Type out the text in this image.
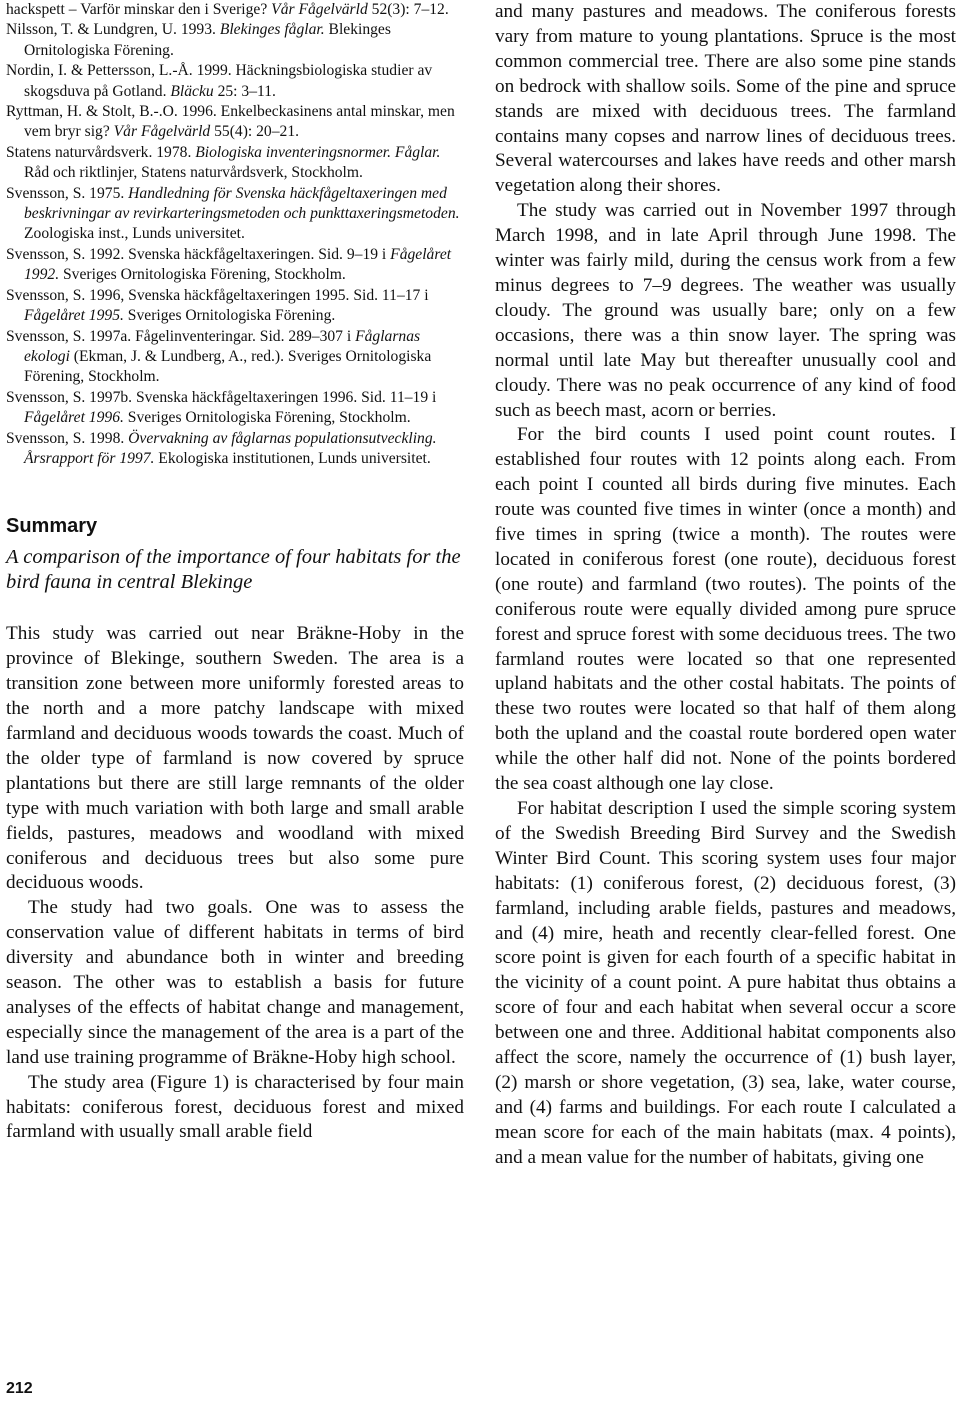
hackspett – Varför minskar den i Sverige? Vår Fågelvärld 52(3): 7–12.

Nilsson, T. & Lundgren, U. 1993. Blekinges fåglar. Blekinges Ornitologiska Förening.

Nordin, I. & Pettersson, L.-Å. 1999. Häckningsbiologiska studier av skogsduva på Gotland. Bläcku 25: 3–11.

Ryttman, H. & Stolt, B.-.O. 1996. Enkelbeckasinens antal minskar, men vem bryr sig? Vår Fågelvärld 55(4): 20–21.

Statens naturvårdsverk. 1978. Biologiska inventeringsnormer. Fåglar. Råd och riktlinjer, Statens naturvårdsverk, Stockholm.

Svensson, S. 1975. Handledning för Svenska häckfågeltaxeringen med beskrivningar av revirkarteringsmetoden och punkttaxeringsmetoden. Zoologiska inst., Lunds universitet.

Svensson, S. 1992. Svenska häckfågeltaxeringen. Sid. 9–19 i Fågelåret 1992. Sveriges Ornitologiska Förening, Stockholm.

Svensson, S. 1996, Svenska häckfågeltaxeringen 1995. Sid. 11–17 i Fågelåret 1995. Sveriges Ornitologiska Förening.

Svensson, S. 1997a. Fågelinventeringar. Sid. 289–307 i Fåglarnas ekologi (Ekman, J. & Lundberg, A., red.). Sveriges Ornitologiska Förening, Stockholm.

Svensson, S. 1997b. Svenska häckfågeltaxeringen 1996. Sid. 11–19 i Fågelåret 1996. Sveriges Ornitologiska Förening, Stockholm.

Svensson, S. 1998. Övervakning av fåglarnas populationsutveckling. Årsrapport för 1997. Ekologiska institutionen, Lunds universitet.

Summary
A comparison of the importance of four habitats for the bird fauna in central Blekinge

This study was carried out near Bräkne-Hoby in the province of Blekinge, southern Sweden. The area is a transition zone between more uniformly forested areas to the north and a more patchy landscape with mixed farmland and deciduous woods towards the coast. Much of the older type of farmland is now covered by spruce plantations but there are still large remnants of the older type with much variation with both large and small arable fields, pastures, meadows and woodland with mixed coniferous and deciduous trees but also some pure deciduous woods.

The study had two goals. One was to assess the conservation value of different habitats in terms of bird diversity and abundance both in winter and breeding season. The other was to establish a basis for future analyses of the effects of habitat change and management, especially since the management of the area is a part of the land use training programme of Bräkne-Hoby high school.

The study area (Figure 1) is characterised by four main habitats: coniferous forest, deciduous forest and mixed farmland with usually small arable field

and many pastures and meadows. The coniferous forests vary from mature to young plantations. Spruce is the most common commercial tree. There are also some pine stands on bedrock with shallow soils. Some of the pine and spruce stands are mixed with deciduous trees. The farmland contains many copses and narrow lines of deciduous trees. Several watercourses and lakes have reeds and other marsh vegetation along their shores.

The study was carried out in November 1997 through March 1998, and in late April through June 1998. The winter was fairly mild, during the census work from a few minus degrees to 7–9 degrees. The weather was usually cloudy. The ground was usually bare; only on a few occasions, there was a thin snow layer. The spring was normal until late May but thereafter unusually cool and cloudy. There was no peak occurrence of any kind of food such as beech mast, acorn or berries.

For the bird counts I used point count routes. I established four routes with 12 points along each. From each point I counted all birds during five minutes. Each route was counted five times in winter (once a month) and five times in spring (twice a month). The routes were located in coniferous forest (one route), deciduous forest (one route) and farmland (two routes). The points of the coniferous route were equally divided among pure spruce forest and spruce forest with some deciduous trees. The two farmland routes were located so that one represented upland habitats and the other costal habitats. The points of these two routes were located so that half of them along both the upland and the coastal route bordered open water while the other half did not. None of the points bordered the sea coast although one lay close.

For habitat description I used the simple scoring system of the Swedish Breeding Bird Survey and the Swedish Winter Bird Count. This scoring system uses four major habitats: (1) coniferous forest, (2) deciduous forest, (3) farmland, including arable fields, pastures and meadows, and (4) mire, heath and recently clear-felled forest. One score point is given for each fourth of a specific habitat in the vicinity of a count point. A pure habitat thus obtains a score of four and each habitat when several occur a score between one and three. Additional habitat components also affect the score, namely the occurrence of (1) bush layer, (2) marsh or shore vegetation, (3) sea, lake, water course, and (4) farms and buildings. For each route I calculated a mean score for each of the main habitats (max. 4 points), and a mean value for the number of habitats, giving one

212
